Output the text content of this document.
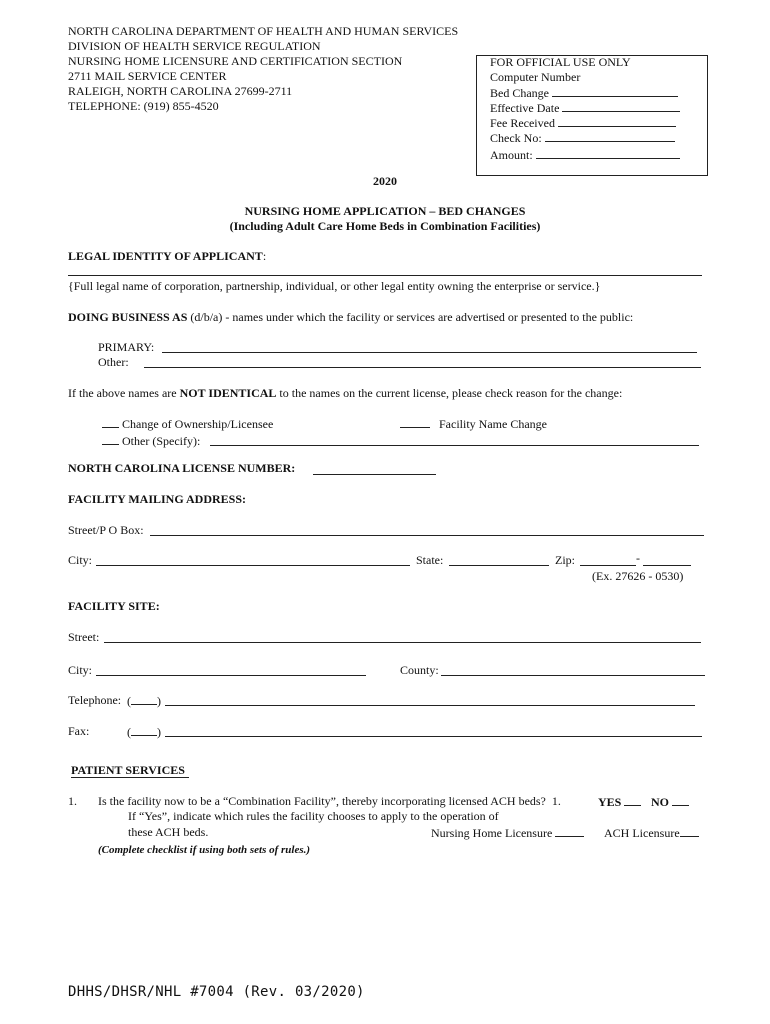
NORTH CAROLINA DEPARTMENT OF HEALTH AND HUMAN SERVICES
DIVISION OF HEALTH SERVICE REGULATION
NURSING HOME LICENSURE AND CERTIFICATION SECTION
2711 MAIL SERVICE CENTER
RALEIGH, NORTH CAROLINA 27699-2711
TELEPHONE: (919) 855-4520
FOR OFFICIAL USE ONLY
Computer Number
Bed Change
Effective Date
Fee Received
Check No:
Amount:
2020
NURSING HOME APPLICATION – BED CHANGES
(Including Adult Care Home Beds in Combination Facilities)
LEGAL IDENTITY OF APPLICANT:
{Full legal name of corporation, partnership, individual, or other legal entity owning the enterprise or service.}
DOING BUSINESS AS (d/b/a) - names under which the facility or services are advertised or presented to the public:
PRIMARY:
Other:
If the above names are NOT IDENTICAL to the names on the current license, please check reason for the change:
Change of Ownership/Licensee	Facility Name Change
Other (Specify):
NORTH CAROLINA LICENSE NUMBER:
FACILITY MAILING ADDRESS:
Street/P O Box:
City:	State:	Zip:	-
(Ex. 27626 - 0530)
FACILITY SITE:
Street:
City:	County:
Telephone: ( )
Fax:	( )
PATIENT SERVICES
1. Is the facility now to be a “Combination Facility”, thereby incorporating licensed ACH beds? 1.	YES	NO
If “Yes”, indicate which rules the facility chooses to apply to the operation of
these ACH beds.	Nursing Home Licensure	ACH Licensure
(Complete checklist if using both sets of rules.)
DHHS/DHSR/NHL #7004 (Rev. 03/2020)
